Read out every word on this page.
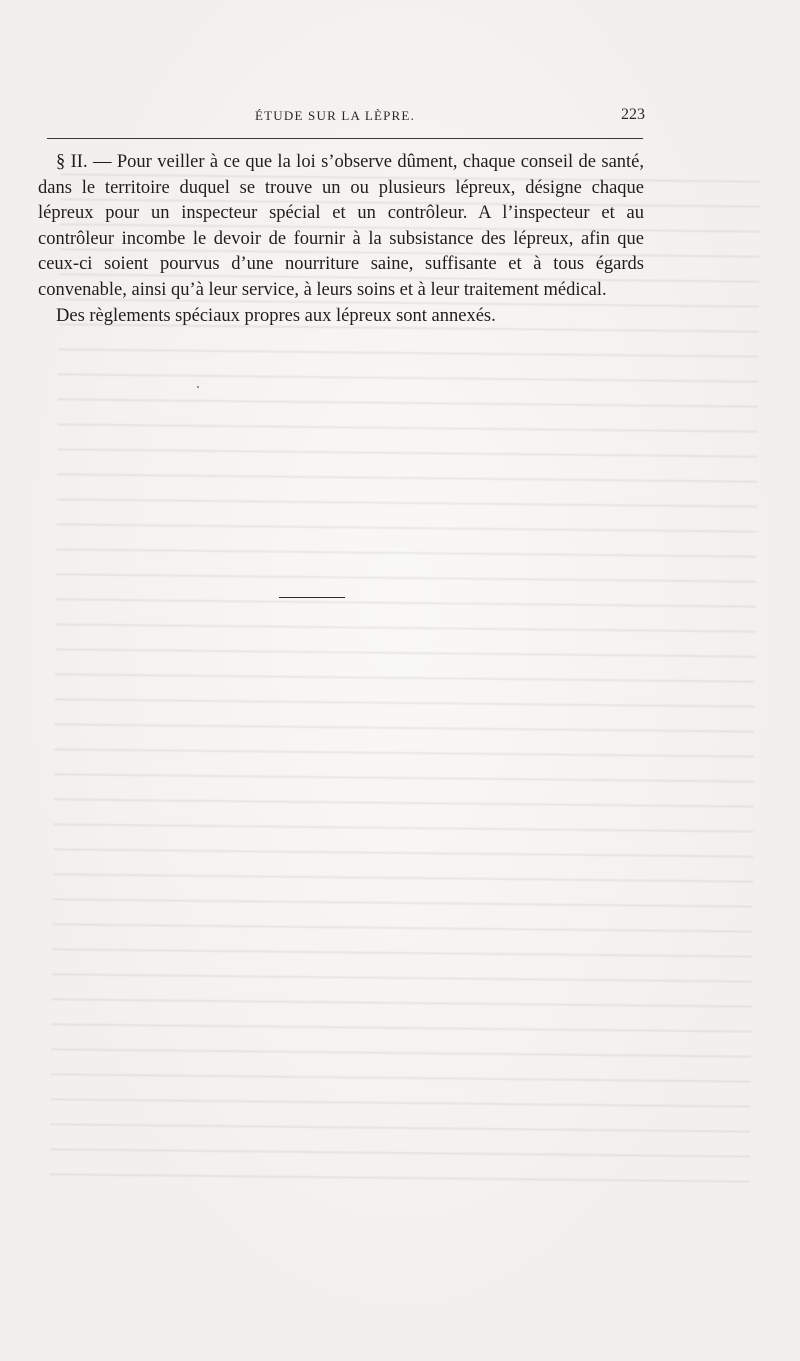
ÉTUDE SUR LA LÈPRE.	223

§ II. — Pour veiller à ce que la loi s’observe dûment, chaque conseil de santé, dans le territoire duquel se trouve un ou plusieurs lépreux, désigne chaque lépreux pour un inspecteur spécial et un contrôleur. A l’inspecteur et au contrôleur incombe le devoir de fournir à la subsistance des lépreux, afin que ceux-ci soient pourvus d’une nourriture saine, suffisante et à tous égards convenable, ainsi qu’à leur service, à leurs soins et à leur traitement médical.

Des règlements spéciaux propres aux lépreux sont annexés.
